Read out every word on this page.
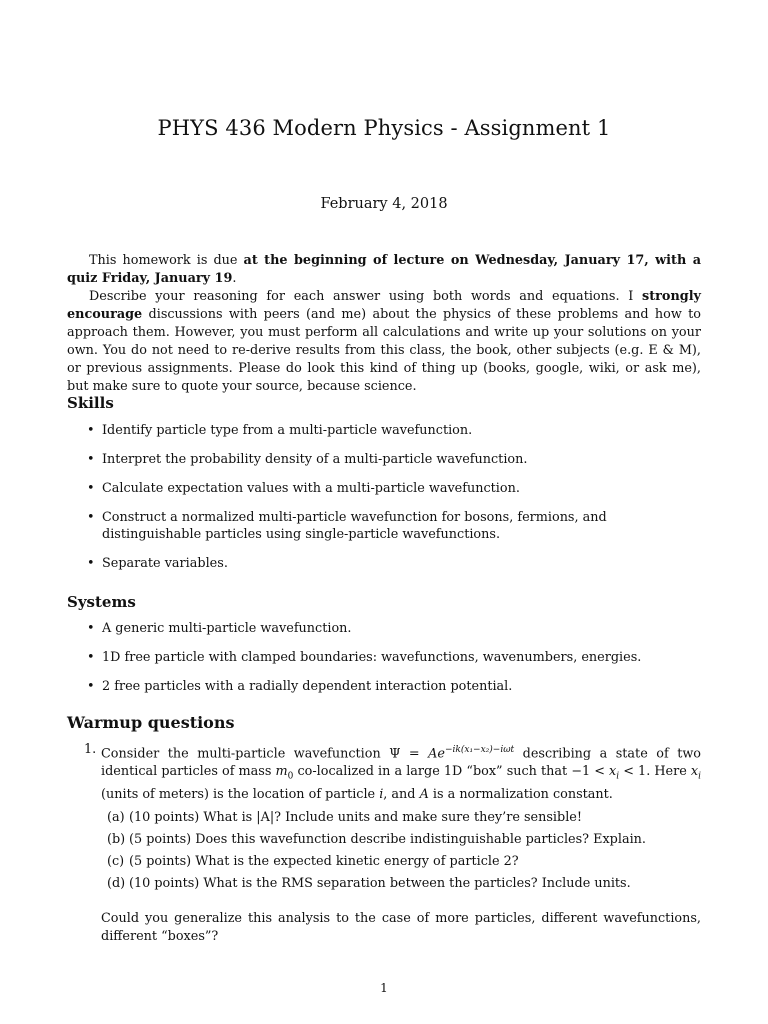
PHYS 436 Modern Physics - Assignment 1
February 4, 2018

This homework is due at the beginning of lecture on Wednesday, January 17, with a quiz Friday, January 19.

Describe your reasoning for each answer using both words and equations. I strongly encourage discussions with peers (and me) about the physics of these problems and how to approach them. However, you must perform all calculations and write up your solutions on your own. You do not need to re-derive results from this class, the book, other subjects (e.g. E & M), or previous assignments. Please do look this kind of thing up (books, google, wiki, or ask me), but make sure to quote your source, because science.

Skills
• Identify particle type from a multi-particle wavefunction.
• Interpret the probability density of a multi-particle wavefunction.
• Calculate expectation values with a multi-particle wavefunction.
• Construct a normalized multi-particle wavefunction for bosons, fermions, and distinguishable particles using single-particle wavefunctions.
• Separate variables.
Systems
• A generic multi-particle wavefunction.
• 1D free particle with clamped boundaries: wavefunctions, wavenumbers, energies.
• 2 free particles with a radially dependent interaction potential.
Warmup questions
1. Consider the multi-particle wavefunction $\Psi = Ae^{-ik(x_1-x_2)-i\omega t}$ describing a state of two identical particles of mass $m_0$ co-localized in a large 1D “box” such that $-1 < x_i < 1$. Here $x_i$ (units of meters) is the location of particle i, and A is a normalization constant.
(a) (10 points) What is |A|? Include units and make sure they’re sensible!
(b) (5 points) Does this wavefunction describe indistinguishable particles? Explain.
(c) (5 points) What is the expected kinetic energy of particle 2?
(d) (10 points) What is the RMS separation between the particles? Include units.
Could you generalize this analysis to the case of more particles, different wavefunctions, different “boxes”?
1
